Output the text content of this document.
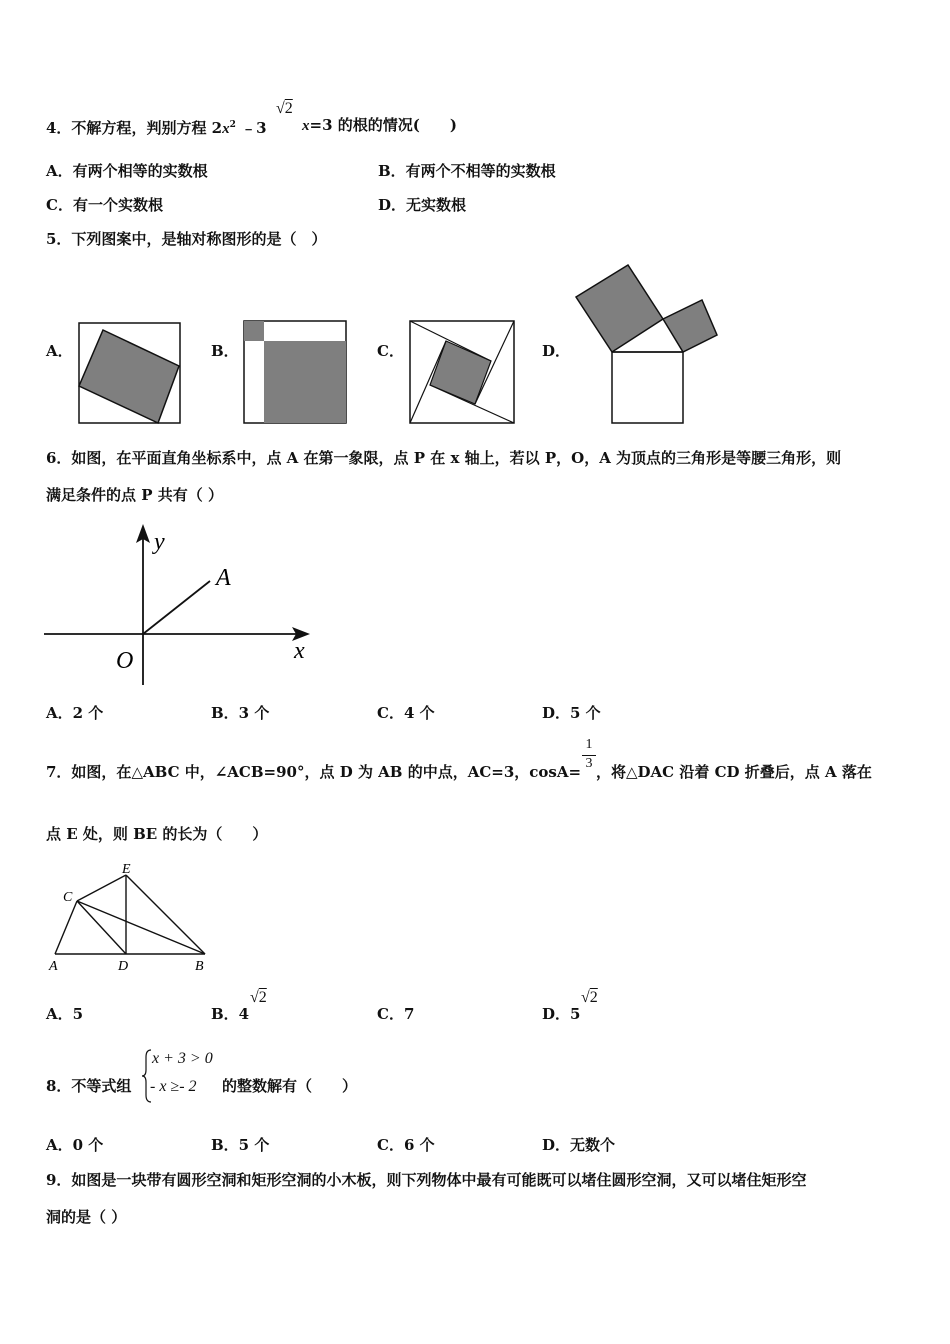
4．不解方程，判别方程 $2x^2$ ﹣3
√2
x=3 的根的情况(　　)
A．有两个相等的实数根	B．有两个不相等的实数根
C．有一个实数根	D．无实数根
5．下列图案中，是轴对称图形的是（　）
A．	B．	C．	D．
6．如图，在平面直角坐标系中，点 A 在第一象限，点 P 在 x 轴上，若以 P，O，A 为顶点的三角形是等腰三角形，则
满足条件的点 P 共有（ ）
y
A
O	x
A．2 个	B．3 个	C．4 个	D．5 个
7．如图，在△ABC 中，∠ACB=90°，点 D 为 AB 的中点，AC=3，$\cos A= \frac{1}{3}$ ，将△DAC 沿着 CD 折叠后，点 A 落在
点 E 处，则 BE 的长为（　　）
E
C
A	D	B
A．5	B．4
√2
C．7	D．5
√2
8．不等式组
x + 3 > 0
- x ≥- 2 的整数解有（　　）
A．0 个	B．5 个	C．6 个	D．无数个
9．如图是一块带有圆形空洞和矩形空洞的小木板，则下列物体中最有可能既可以堵住圆形空洞，又可以堵住矩形空
洞的是（ ）
